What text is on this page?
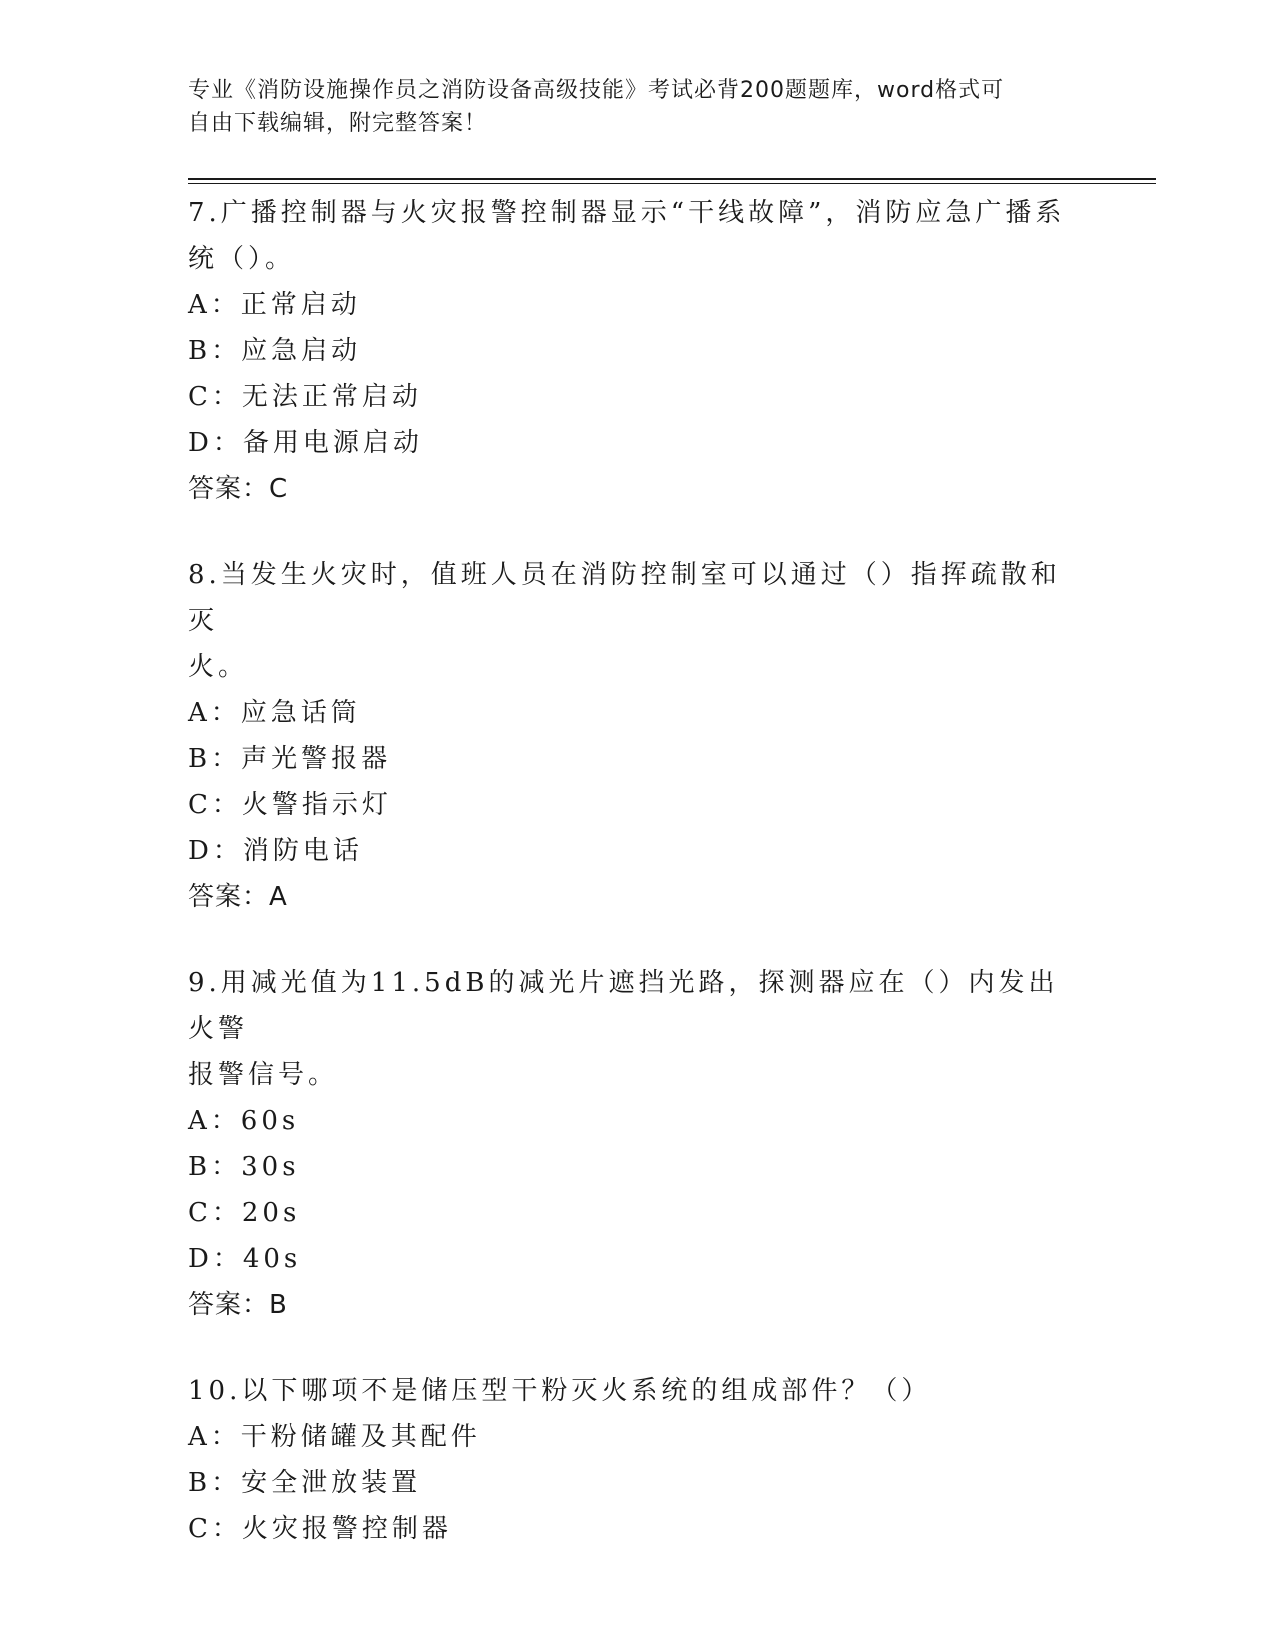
专业《消防设施操作员之消防设备高级技能》考试必背200题题库，word格式可
自由下载编辑，附完整答案！
7.广播控制器与火灾报警控制器显示“干线故障”，消防应急广播系
统（）。
A：正常启动
B：应急启动
C：无法正常启动
D：备用电源启动
答案：C
8.当发生火灾时，值班人员在消防控制室可以通过（）指挥疏散和灭
火。
A：应急话筒
B：声光警报器
C：火警指示灯
D：消防电话
答案：A
9.用减光值为11.5dB的减光片遮挡光路，探测器应在（）内发出火警
报警信号。
A：60s
B：30s
C：20s
D：40s
答案：B
10.以下哪项不是储压型干粉灭火系统的组成部件？（）
A：干粉储罐及其配件
B：安全泄放装置
C：火灾报警控制器
